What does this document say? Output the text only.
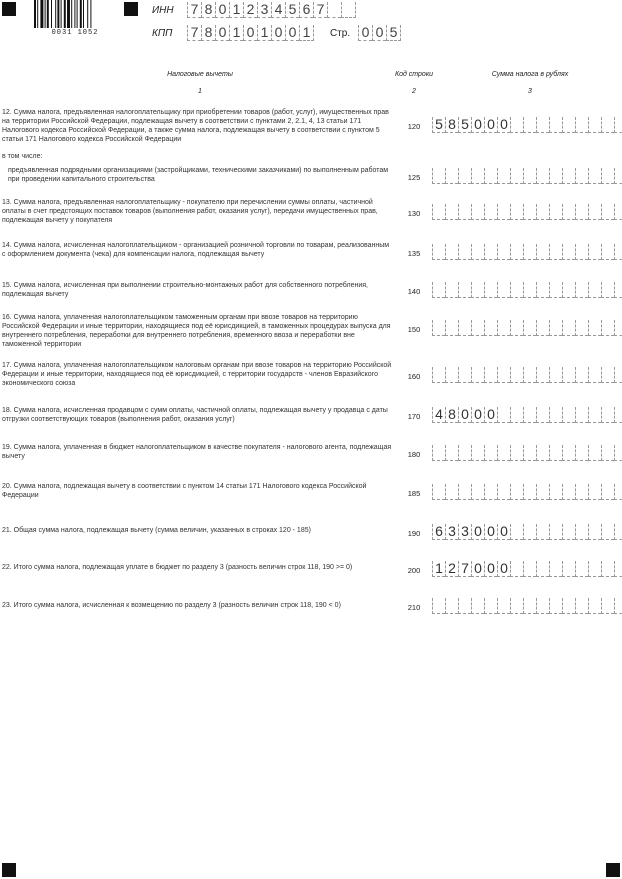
0031 1052
ИНН 7 8 0 1 2 3 4 5 6 7
КПП 7 8 0 1 0 1 0 0 1	Стр. 0 0 5
Налоговые вычеты	Код строки	Сумма налога в рублях
1	2	3
12. Сумма налога, предъявленная налогоплательщику при приобретении товаров (работ, услуг), имущественных прав на территории Российской Федерации, подлежащая вычету в соответствии с пунктами 2, 2.1, 4, 13 статьи 171 Налогового кодекса Российской Федерации, а также сумма налога, подлежащая вычету в соответствии с пунктом 5 статьи 171 Налогового кодекса Российской Федерации
120	5 8 5 0 0 0
в том числе:
предъявленная подрядными организациями (застройщиками, техническими заказчиками) по выполненным работам при проведении капитального строительства	125
13. Сумма налога, предъявленная налогоплательщику - покупателю при перечислении суммы оплаты, частичной оплаты в счет предстоящих поставок товаров (выполнения работ, оказания услуг), передачи имущественных прав, подлежащая вычету у покупателя
130
14. Сумма налога, исчисленная налогоплательщиком - организацией розничной торговли по товарам, реализованным с оформлением документа (чека) для компенсации налога, подлежащая вычету	135
15. Сумма налога, исчисленная при выполнении строительно-монтажных работ для собственного потребления, подлежащая вычету	140
16. Сумма налога, уплаченная налогоплательщиком таможенным органам при ввозе товаров на территорию Российской Федерации и иные территории, находящиеся под её юрисдикцией, в таможенных процедурах выпуска для внутреннего потребления, переработки для внутреннего потребления, временного ввоза и переработки вне таможенной территории
150
17. Сумма налога, уплаченная налогоплательщиком налоговым органам при ввозе товаров на территорию Российской Федерации и иные территории, находящиеся под её юрисдикцией, с территории государств - членов Евразийского экономического союза
160
18. Сумма налога, исчисленная продавцом с сумм оплаты, частичной оплаты, подлежащая вычету у продавца с даты отгрузки соответствующих товаров (выполнения работ, оказания услуг)	170	4 8 0 0 0
19. Сумма налога, уплаченная в бюджет налогоплательщиком в качестве покупателя - налогового агента, подлежащая вычету	180
20. Сумма налога, подлежащая вычету в соответствии с пунктом 14 статьи 171 Налогового кодекса Российской Федерации	185
21. Общая сумма налога, подлежащая вычету (сумма величин, указанных в строках 120 - 185)	190	6 3 3 0 0 0
22. Итого сумма налога, подлежащая уплате в бюджет по разделу 3 (разность величин строк 118, 190 >= 0)	200	1 2 7 0 0 0
23. Итого сумма налога, исчисленная к возмещению по разделу 3 (разность величин строк 118, 190 < 0)	210
